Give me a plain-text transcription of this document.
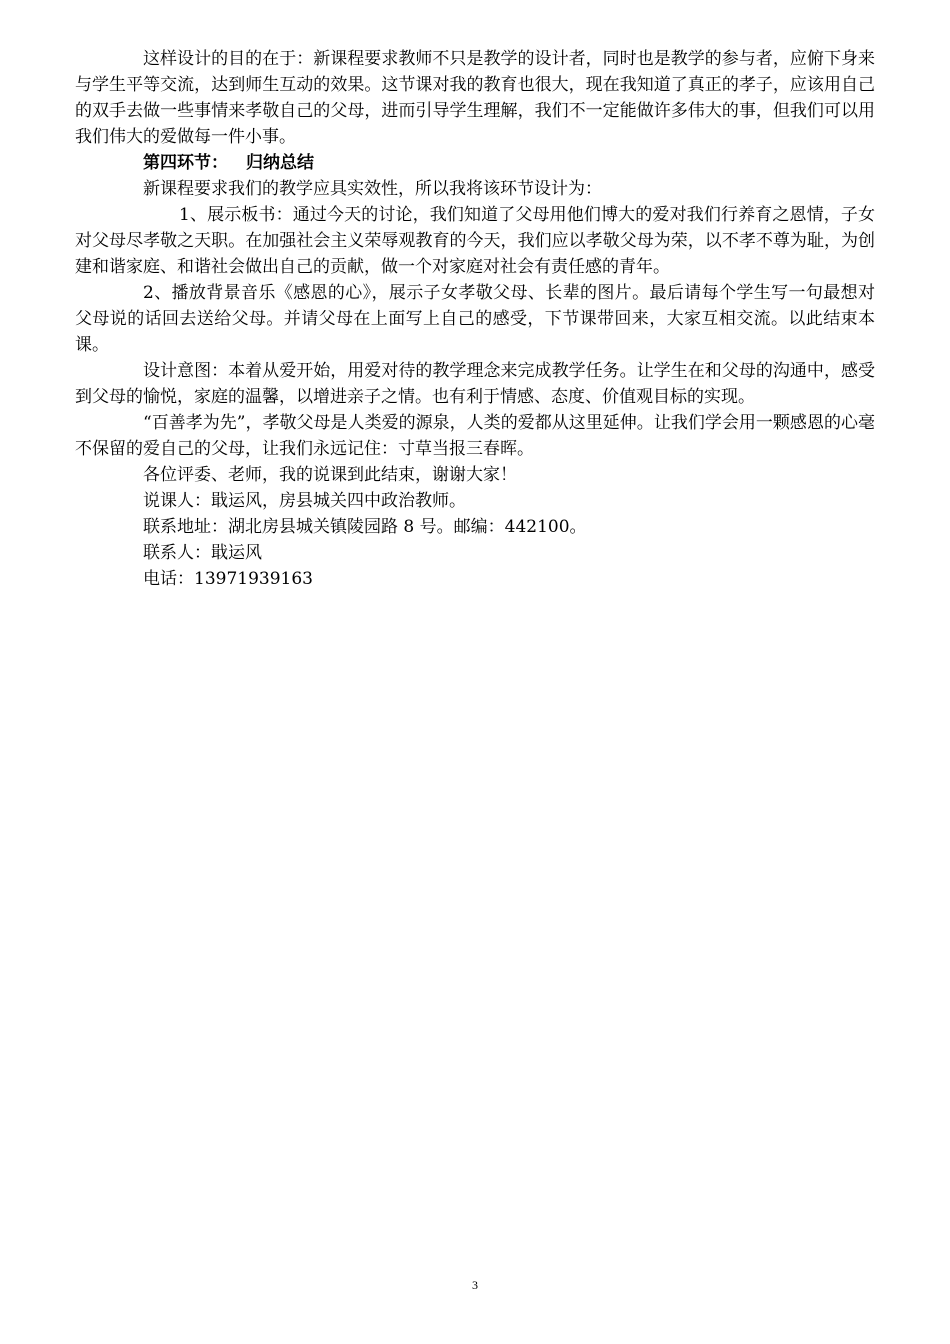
这样设计的目的在于：新课程要求教师不只是教学的设计者，同时也是教学的参与者，应俯下身来与学生平等交流，达到师生互动的效果。这节课对我的教育也很大，现在我知道了真正的孝子，应该用自己的双手去做一些事情来孝敬自己的父母，进而引导学生理解，我们不一定能做许多伟大的事，但我们可以用我们伟大的爱做每一件小事。

第四环节： 归纳总结

新课程要求我们的教学应具实效性，所以我将该环节设计为：

1、展示板书：通过今天的讨论，我们知道了父母用他们博大的爱对我们行养育之恩情，子女对父母尽孝敬之天职。在加强社会主义荣辱观教育的今天，我们应以孝敬父母为荣，以不孝不尊为耻，为创建和谐家庭、和谐社会做出自己的贡献，做一个对家庭对社会有责任感的青年。

2、播放背景音乐《感恩的心》，展示子女孝敬父母、长辈的图片。最后请每个学生写一句最想对父母说的话回去送给父母。并请父母在上面写上自己的感受，下节课带回来，大家互相交流。以此结束本课。

设计意图：本着从爱开始，用爱对待的教学理念来完成教学任务。让学生在和父母的沟通中，感受到父母的愉悦，家庭的温馨，以增进亲子之情。也有利于情感、态度、价值观目标的实现。

“百善孝为先”，孝敬父母是人类爱的源泉，人类的爱都从这里延伸。让我们学会用一颗感恩的心毫不保留的爱自己的父母，让我们永远记住：寸草当报三春晖。

各位评委、老师，我的说课到此结束，谢谢大家！

说课人：戢运风，房县城关四中政治教师。

联系地址：湖北房县城关镇陵园路 8 号。邮编：442100。

联系人：戢运风

电话：13971939163

3
